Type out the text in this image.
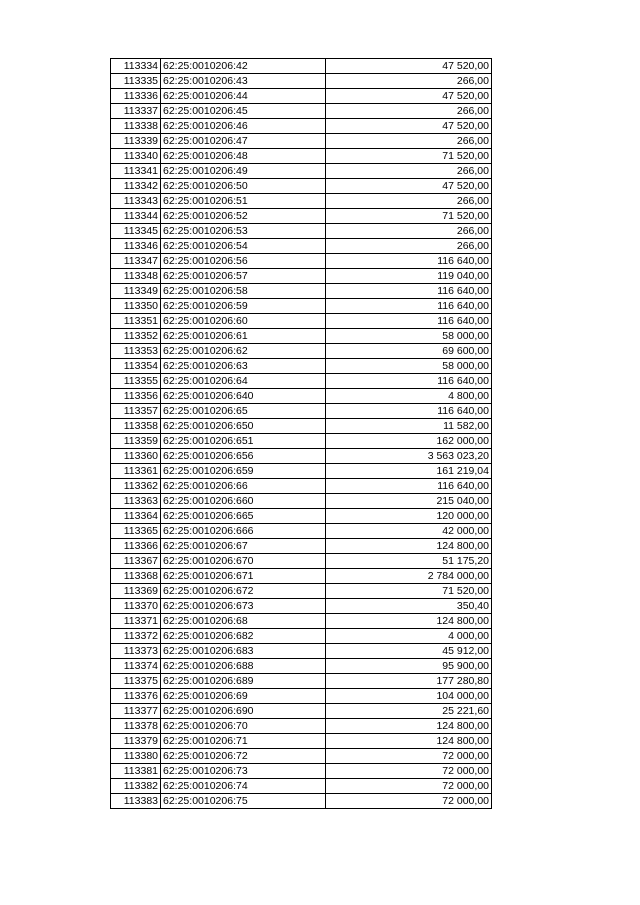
113334	62:25:0010206:42	47 520,00
113335	62:25:0010206:43	266,00
113336	62:25:0010206:44	47 520,00
113337	62:25:0010206:45	266,00
113338	62:25:0010206:46	47 520,00
113339	62:25:0010206:47	266,00
113340	62:25:0010206:48	71 520,00
113341	62:25:0010206:49	266,00
113342	62:25:0010206:50	47 520,00
113343	62:25:0010206:51	266,00
113344	62:25:0010206:52	71 520,00
113345	62:25:0010206:53	266,00
113346	62:25:0010206:54	266,00
113347	62:25:0010206:56	116 640,00
113348	62:25:0010206:57	119 040,00
113349	62:25:0010206:58	116 640,00
113350	62:25:0010206:59	116 640,00
113351	62:25:0010206:60	116 640,00
113352	62:25:0010206:61	58 000,00
113353	62:25:0010206:62	69 600,00
113354	62:25:0010206:63	58 000,00
113355	62:25:0010206:64	116 640,00
113356	62:25:0010206:640	4 800,00
113357	62:25:0010206:65	116 640,00
113358	62:25:0010206:650	11 582,00
113359	62:25:0010206:651	162 000,00
113360	62:25:0010206:656	3 563 023,20
113361	62:25:0010206:659	161 219,04
113362	62:25:0010206:66	116 640,00
113363	62:25:0010206:660	215 040,00
113364	62:25:0010206:665	120 000,00
113365	62:25:0010206:666	42 000,00
113366	62:25:0010206:67	124 800,00
113367	62:25:0010206:670	51 175,20
113368	62:25:0010206:671	2 784 000,00
113369	62:25:0010206:672	71 520,00
113370	62:25:0010206:673	350,40
113371	62:25:0010206:68	124 800,00
113372	62:25:0010206:682	4 000,00
113373	62:25:0010206:683	45 912,00
113374	62:25:0010206:688	95 900,00
113375	62:25:0010206:689	177 280,80
113376	62:25:0010206:69	104 000,00
113377	62:25:0010206:690	25 221,60
113378	62:25:0010206:70	124 800,00
113379	62:25:0010206:71	124 800,00
113380	62:25:0010206:72	72 000,00
113381	62:25:0010206:73	72 000,00
113382	62:25:0010206:74	72 000,00
113383	62:25:0010206:75	72 000,00
